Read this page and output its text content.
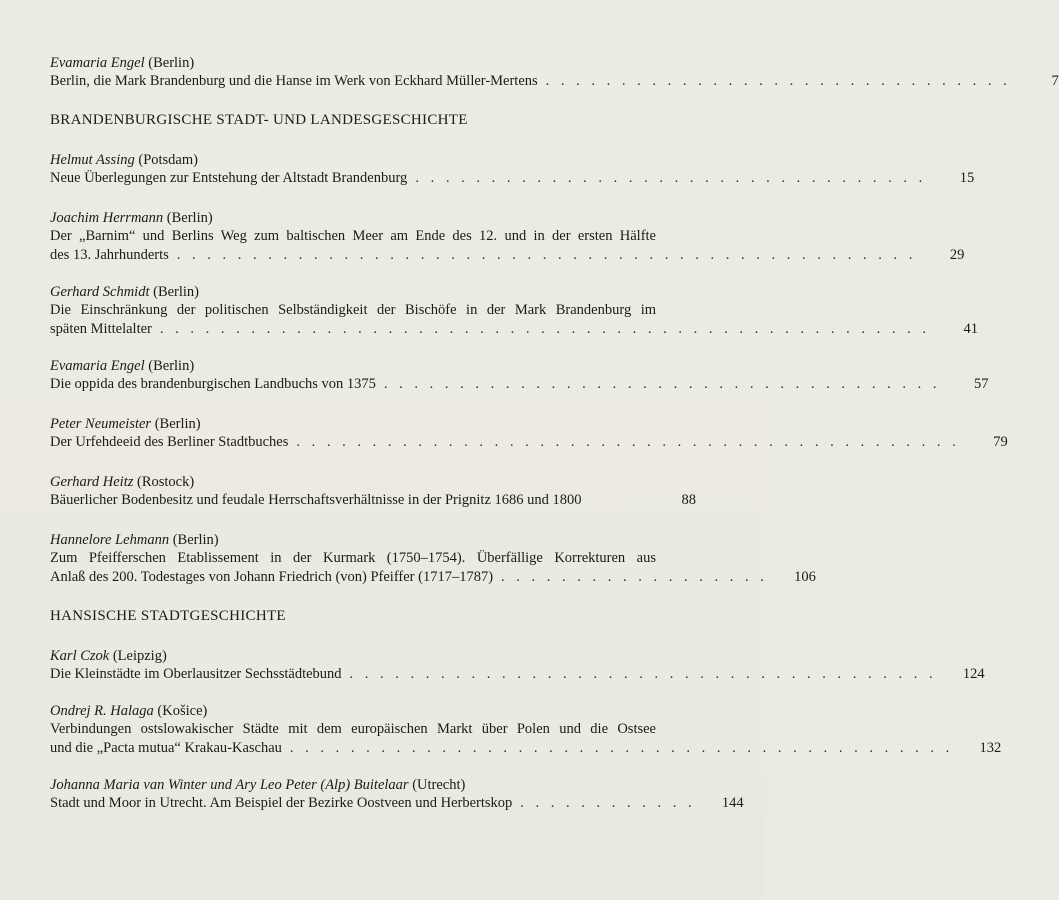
Evamaria Engel (Berlin)
Berlin, die Mark Brandenburg und die Hanse im Werk von Eckhard Müller-Mertens . . . . . . . . . . . . . . . . . . . . . . . . . . . . . . .	7
BRANDENBURGISCHE STADT- UND LANDESGESCHICHTE
Helmut Assing (Potsdam)
Neue Überlegungen zur Entstehung der Altstadt Brandenburg . . . . . . . . . . . . . . . . . . . . . . . . . . . . . . . . . .	15
Joachim Herrmann (Berlin)
Der „Barnim“ und Berlins Weg zum baltischen Meer am Ende des 12. und in der ersten Hälfte
des 13. Jahrhunderts . . . . . . . . . . . . . . . . . . . . . . . . . . . . . . . . . . . . . . . . . . . . . . . . .	29
Gerhard Schmidt (Berlin)
Die Einschränkung der politischen Selbständigkeit der Bischöfe in der Mark Brandenburg im
späten Mittelalter . . . . . . . . . . . . . . . . . . . . . . . . . . . . . . . . . . . . . . . . . . . . . . . . . . .	41
Evamaria Engel (Berlin)
Die oppida des brandenburgischen Landbuchs von 1375 . . . . . . . . . . . . . . . . . . . . . . . . . . . . . . . . . . . . .	57
Peter Neumeister (Berlin)
Der Urfehdeeid des Berliner Stadtbuches . . . . . . . . . . . . . . . . . . . . . . . . . . . . . . . . . . . . . . . . . . . .	79
Gerhard Heitz (Rostock)
Bäuerlicher Bodenbesitz und feudale Herrschaftsverhältnisse in der Prignitz 1686 und 1800	88
Hannelore Lehmann (Berlin)
Zum Pfeifferschen Etablissement in der Kurmark (1750–1754). Überfällige Korrekturen aus
Anlaß des 200. Todestages von Johann Friedrich (von) Pfeiffer (1717–1787) . . . . . . . . . . . . . . . . . .	106
HANSISCHE STADTGESCHICHTE
Karl Czok (Leipzig)
Die Kleinstädte im Oberlausitzer Sechsstädtebund . . . . . . . . . . . . . . . . . . . . . . . . . . . . . . . . . . . . . . .	124
Ondrej R. Halaga (Košice)
Verbindungen ostslowakischer Städte mit dem europäischen Markt über Polen und die Ostsee
und die „Pacta mutua“ Krakau-Kaschau . . . . . . . . . . . . . . . . . . . . . . . . . . . . . . . . . . . . . . . . . . . .	132
Johanna Maria van Winter und Ary Leo Peter (Alp) Buitelaar (Utrecht)
Stadt und Moor in Utrecht. Am Beispiel der Bezirke Oostveen und Herbertskop . . . . . . . . . . . .	144
